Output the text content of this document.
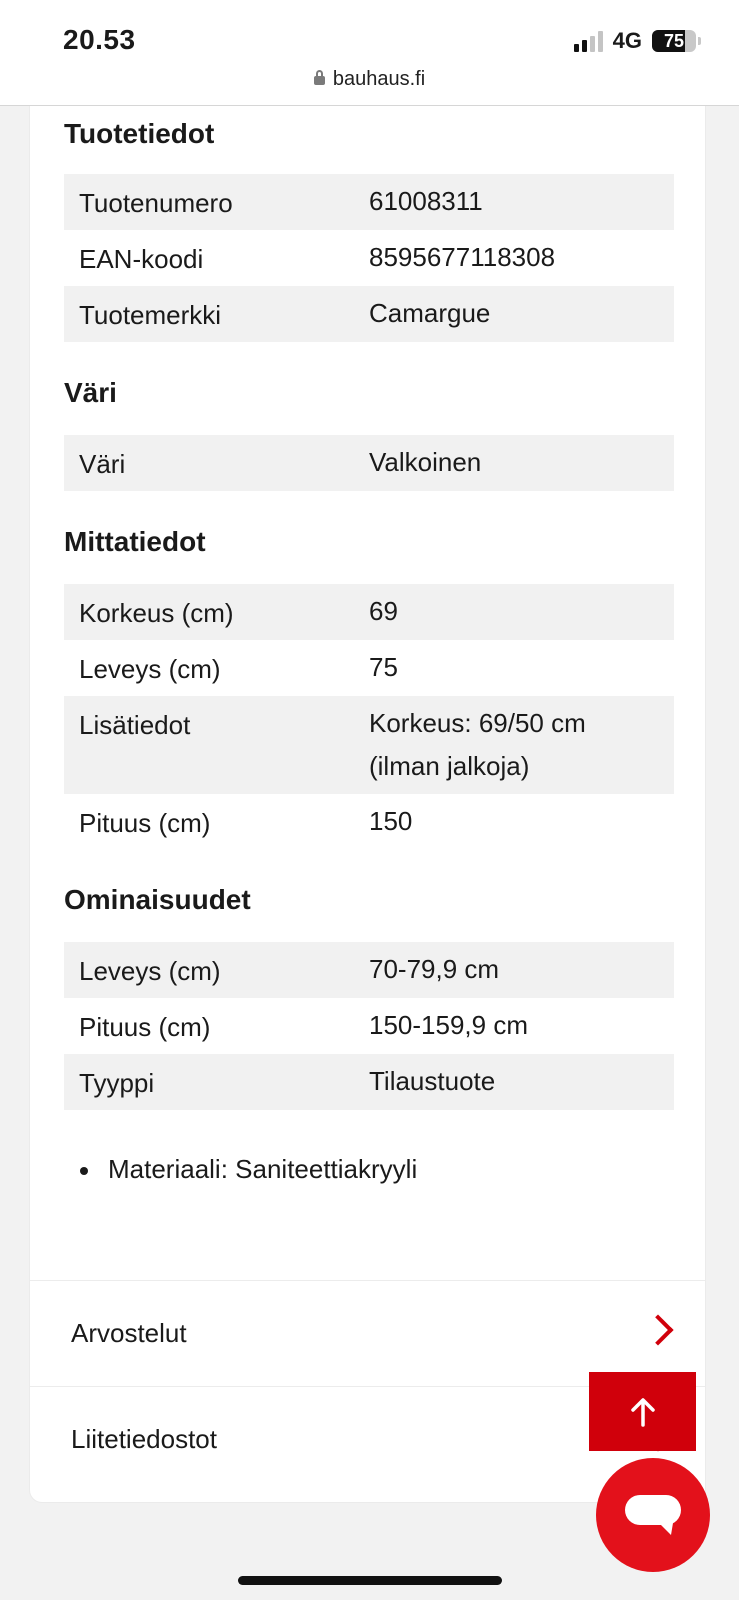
20.53	4G	75
bauhaus.fi
Tuotetiedot
Tuotenumero	61008311
EAN-koodi	8595677118308
Tuotemerkki	Camargue
Väri
Väri	Valkoinen
Mittatiedot
Korkeus (cm)	69
Leveys (cm)	75
Lisätiedot	Korkeus: 69/50 cm (ilman jalkoja)
Pituus (cm)	150
Ominaisuudet
Leveys (cm)	70-79,9 cm
Pituus (cm)	150-159,9 cm
Tyyppi	Tilaustuote
Materiaali: Saniteettiakryyli
Arvostelut
Liitetiedostot
